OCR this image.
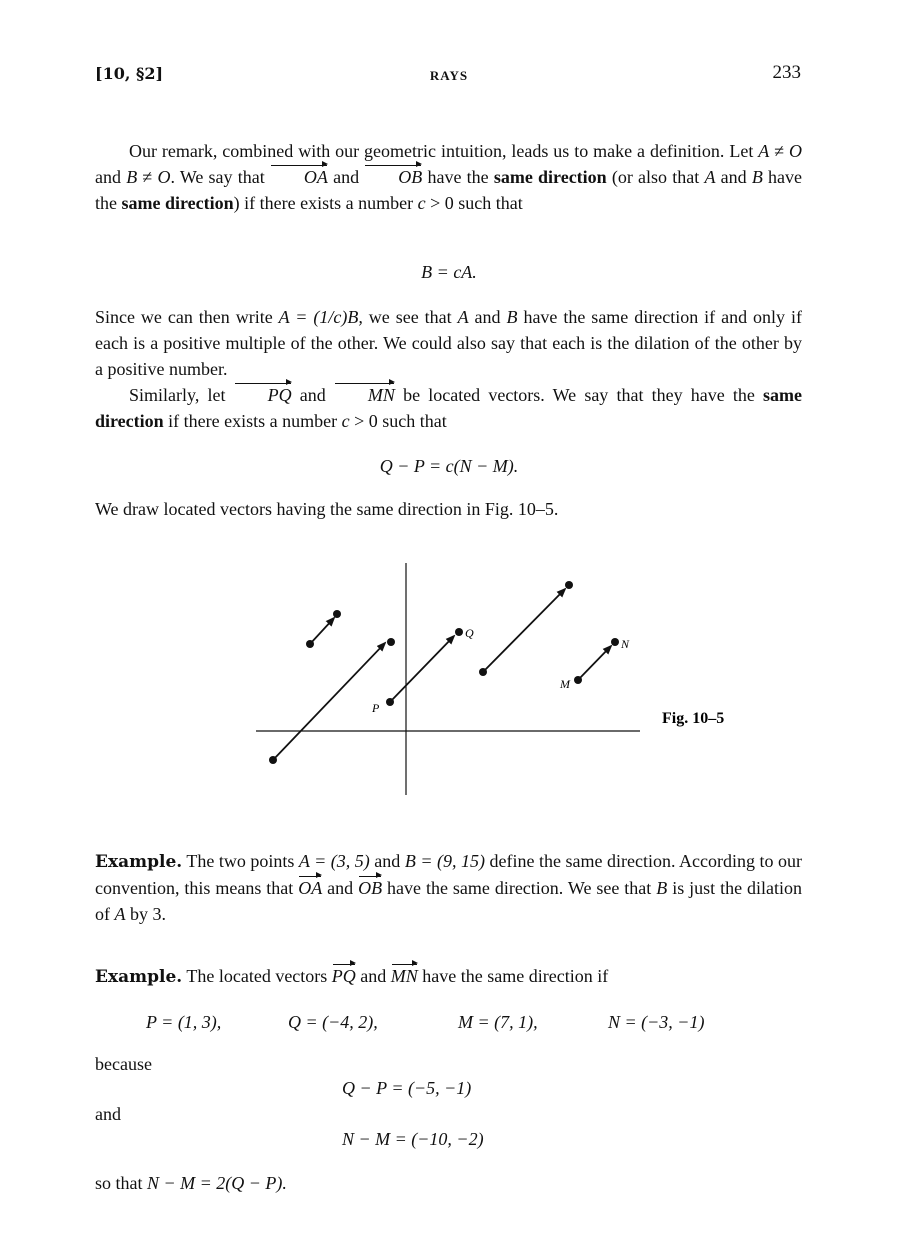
[10, §2]	RAYS	233

Our remark, combined with our geometric intuition, leads us to make a definition. Let A ≠ O and B ≠ O. We say that OA and OB have the same direction (or also that A and B have the same direction) if there exists a number c > 0 such that

B = cA.

Since we can then write A = (1/c)B, we see that A and B have the same direction if and only if each is a positive multiple of the other. We could also say that each is the dilation of the other by a positive number.

Similarly, let PQ and MN be located vectors. We say that they have the same direction if there exists a number c > 0 such that

Q − P = c(N − M).

We draw located vectors having the same direction in Fig. 10–5.

P
Q
M
N
Fig. 10–5

Example. The two points A = (3, 5) and B = (9, 15) define the same direction. According to our convention, this means that OA and OB have the same direction. We see that B is just the dilation of A by 3.

Example. The located vectors PQ and MN have the same direction if

P = (1, 3),	Q = (−4, 2),	M = (7, 1),	N = (−3, −1)
because
Q − P = (−5, −1)
and
N − M = (−10, −2)
so that N − M = 2(Q − P).
